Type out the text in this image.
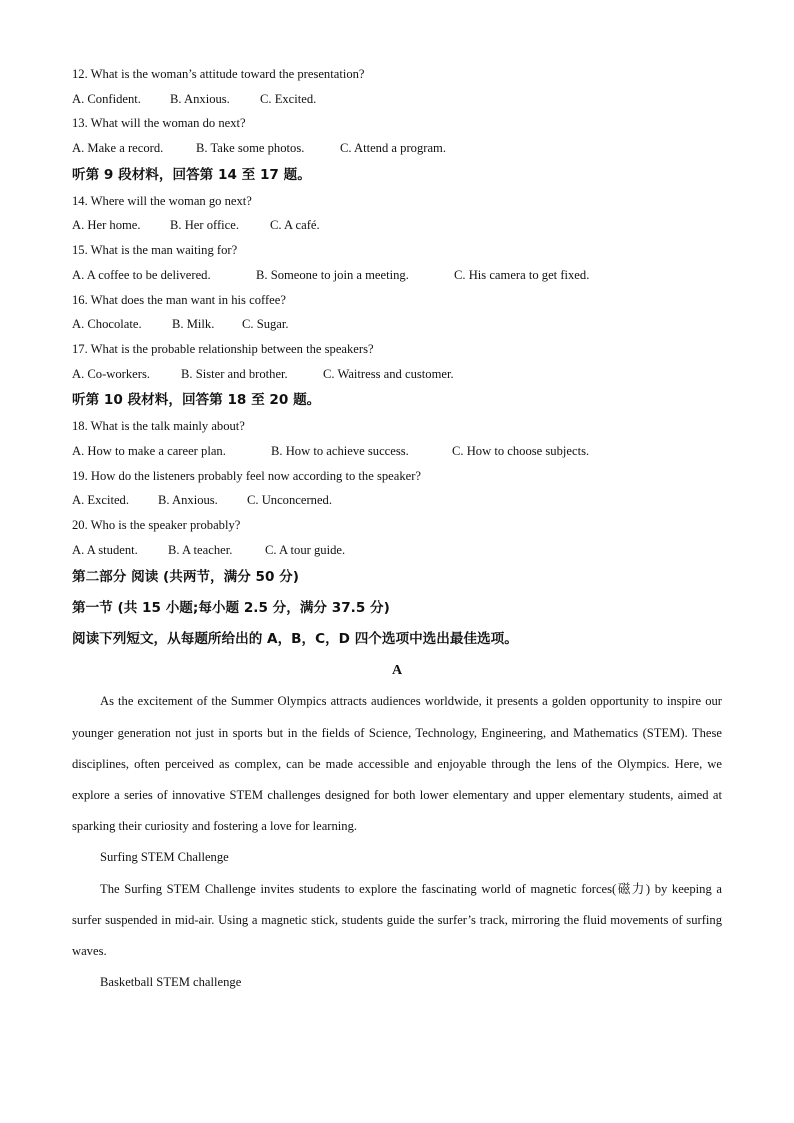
12. What is the woman’s attitude toward the presentation?
A. Confident.	B. Anxious.	C. Excited.
13. What will the woman do next?
A. Make a record.	B. Take some photos.	C. Attend a program.
听第 9 段材料，回答第 14 至 17 题。
14. Where will the woman go next?
A. Her home.	B. Her office.	C. A café.
15. What is the man waiting for?
A. A coffee to be delivered.	B. Someone to join a meeting.	C. His camera to get fixed.
16. What does the man want in his coffee?
A. Chocolate.	B. Milk.	C. Sugar.
17. What is the probable relationship between the speakers?
A. Co-workers.	B. Sister and brother.	C. Waitress and customer.
听第 10 段材料，回答第 18 至 20 题。
18. What is the talk mainly about?
A. How to make a career plan.	B. How to achieve success.	C. How to choose subjects.
19. How do the listeners probably feel now according to the speaker?
A. Excited.	B. Anxious.	C. Unconcerned.
20. Who is the speaker probably?
A. A student.	B. A teacher.	C. A tour guide.
第二部分 阅读 (共两节，满分 50 分)
第一节 (共 15 小题;每小题 2.5 分，满分 37.5 分)
阅读下列短文，从每题所给出的 A，B，C，D 四个选项中选出最佳选项。
A

As the excitement of the Summer Olympics attracts audiences worldwide, it presents a golden opportunity to inspire our younger generation not just in sports but in the fields of Science, Technology, Engineering, and Mathematics (STEM). These disciplines, often perceived as complex, can be made accessible and enjoyable through the lens of the Olympics. Here, we explore a series of innovative STEM challenges designed for both lower elementary and upper elementary students, aimed at sparking their curiosity and fostering a love for learning.

Surfing STEM Challenge

The Surfing STEM Challenge invites students to explore the fascinating world of magnetic forces(磁力) by keeping a surfer suspended in mid-air. Using a magnetic stick, students guide the surfer’s track, mirroring the fluid movements of surfing waves.

Basketball STEM challenge
